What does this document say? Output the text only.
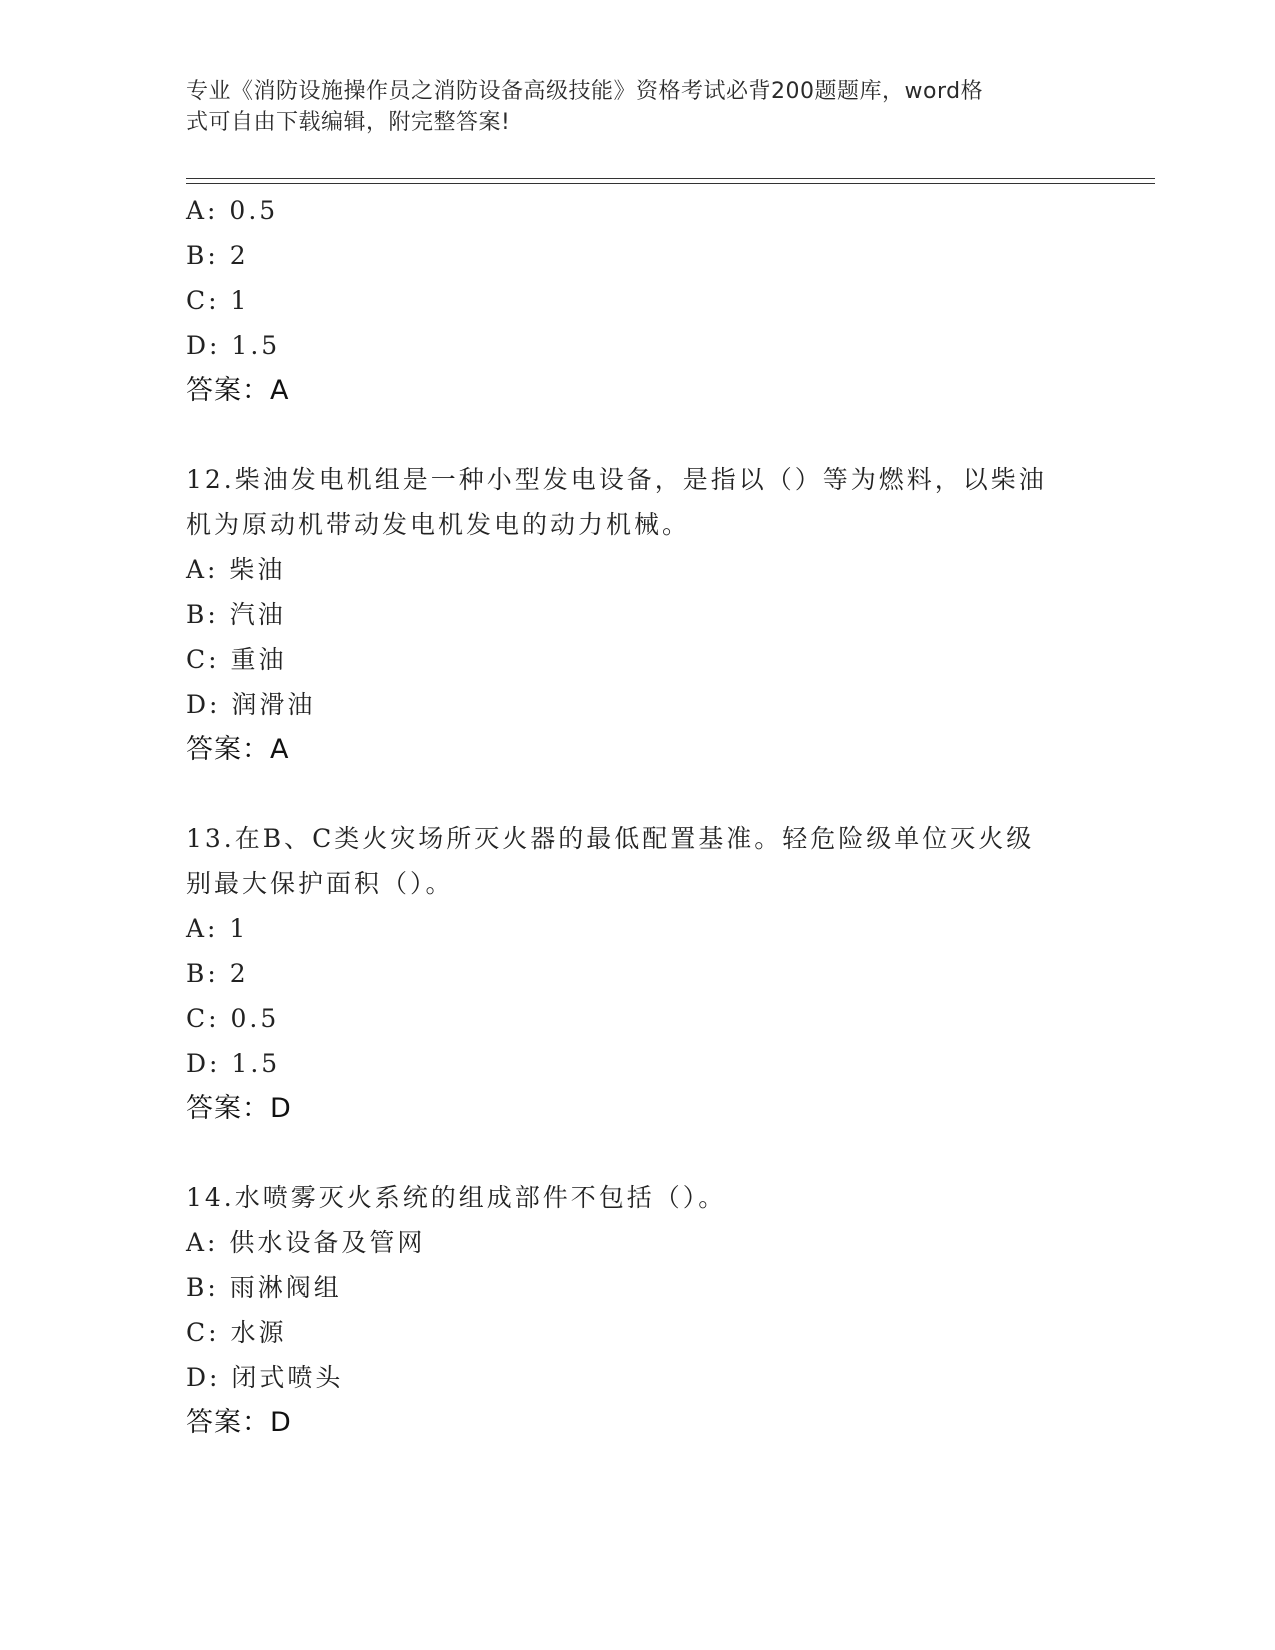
专业《消防设施操作员之消防设备高级技能》资格考试必背200题题库，word格
式可自由下载编辑，附完整答案!
A: 0.5
B: 2
C: 1
D: 1.5
答案：A
12.柴油发电机组是一种小型发电设备，是指以（）等为燃料，以柴油
机为原动机带动发电机发电的动力机械。
A: 柴油
B: 汽油
C: 重油
D: 润滑油
答案：A
13.在B、C类火灾场所灭火器的最低配置基准。轻危险级单位灭火级
别最大保护面积（）。
A: 1
B: 2
C: 0.5
D: 1.5
答案：D
14.水喷雾灭火系统的组成部件不包括（）。
A: 供水设备及管网
B: 雨淋阀组
C: 水源
D: 闭式喷头
答案：D
